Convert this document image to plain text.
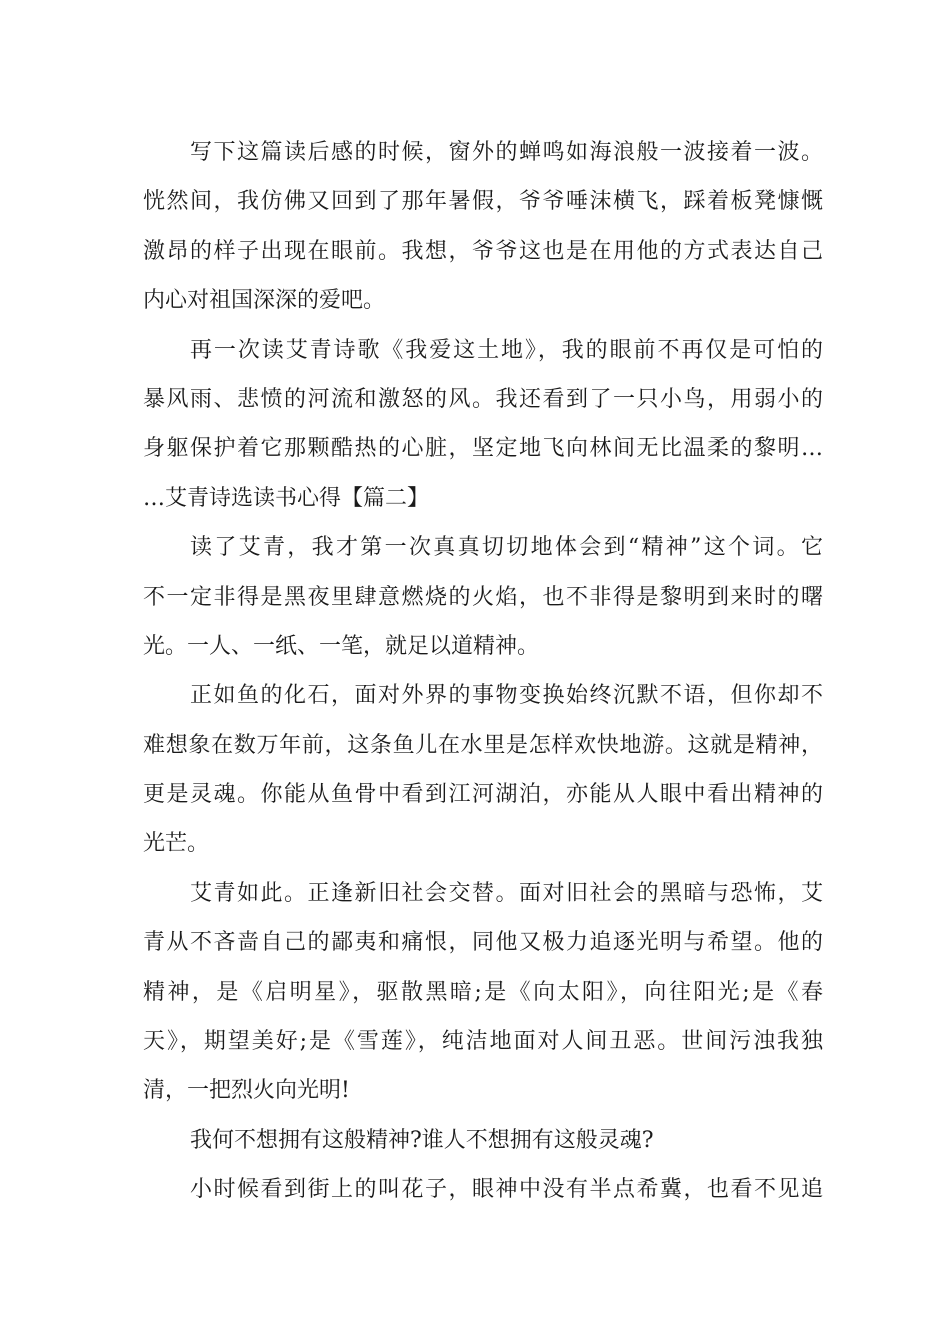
写下这篇读后感的时候，窗外的蝉鸣如海浪般一波接着一波。
恍然间，我仿佛又回到了那年暑假，爷爷唾沫横飞，踩着板凳慷慨
激昂的样子出现在眼前。我想，爷爷这也是在用他的方式表达自己
内心对祖国深深的爱吧。
再一次读艾青诗歌《我爱这土地》，我的眼前不再仅是可怕的
暴风雨、悲愤的河流和激怒的风。我还看到了一只小鸟，用弱小的
身躯保护着它那颗酷热的心脏，坚定地飞向林间无比温柔的黎明…
…艾青诗选读书心得【篇二】
读了艾青，我才第一次真真切切地体会到“精神”这个词。它
不一定非得是黑夜里肆意燃烧的火焰，也不非得是黎明到来时的曙
光。一人、一纸、一笔，就足以道精神。
正如鱼的化石，面对外界的事物变换始终沉默不语，但你却不
难想象在数万年前，这条鱼儿在水里是怎样欢快地游。这就是精神，
更是灵魂。你能从鱼骨中看到江河湖泊，亦能从人眼中看出精神的
光芒。
艾青如此。正逢新旧社会交替。面对旧社会的黑暗与恐怖，艾
青从不吝啬自己的鄙夷和痛恨，同他又极力追逐光明与希望。他的
精神，是《启明星》，驱散黑暗;是《向太阳》，向往阳光;是《春
天》，期望美好;是《雪莲》，纯洁地面对人间丑恶。世间污浊我独
清，一把烈火向光明!
我何不想拥有这般精神?谁人不想拥有这般灵魂?
小时候看到街上的叫花子，眼神中没有半点希冀，也看不见追
